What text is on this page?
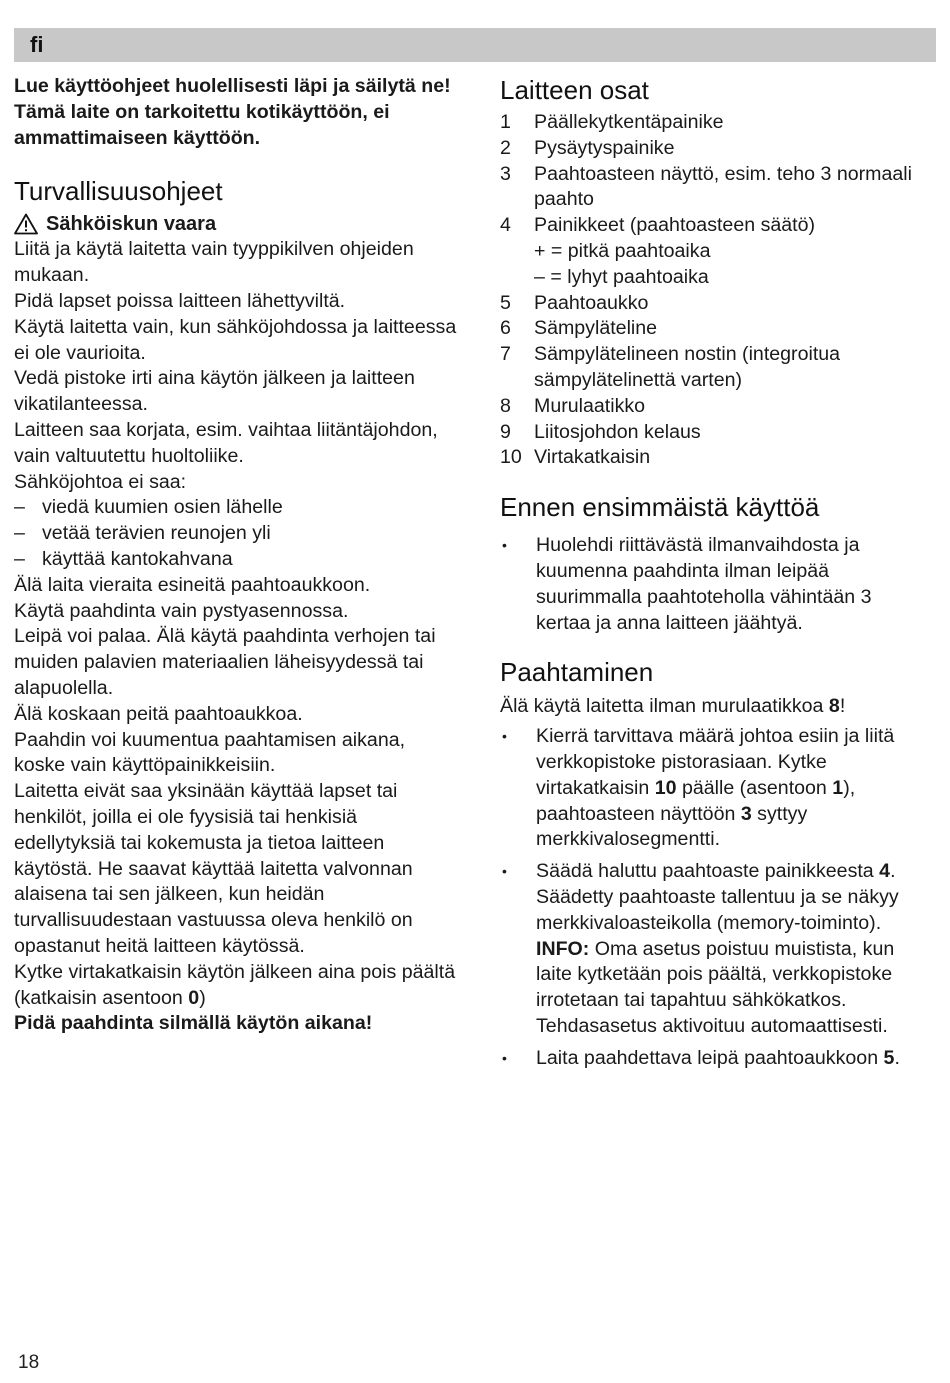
fi

Lue käyttöohjeet huolellisesti läpi ja säilytä ne!

Tämä laite on tarkoitettu kotikäyttöön, ei ammattimaiseen käyttöön.

Turvallisuusohjeet
Sähköiskun vaara

Liitä ja käytä laitetta vain tyyppikilven ohjeiden mukaan.

Pidä lapset poissa laitteen lähettyviltä.

Käytä laitetta vain, kun sähköjohdossa ja laitteessa ei ole vaurioita.

Vedä pistoke irti aina käytön jälkeen ja laitteen vikatilanteessa.

Laitteen saa korjata, esim. vaihtaa liitäntäjohdon, vain valtuutettu huoltoliike.

Sähköjohtoa ei saa:

– viedä kuumien osien lähelle
– vetää terävien reunojen yli
– käyttää kantokahvana

Älä laita vieraita esineitä paahtoaukkoon.

Käytä paahdinta vain pystyasennossa.

Leipä voi palaa. Älä käytä paahdinta verhojen tai muiden palavien materiaalien läheisyydessä tai alapuolella.

Älä koskaan peitä paahtoaukkoa.

Paahdin voi kuumentua paahtamisen aikana, koske vain käyttöpainikkeisiin.

Laitetta eivät saa yksinään käyttää lapset tai henkilöt, joilla ei ole fyysisiä tai henkisiä edellytyksiä tai kokemusta ja tietoa laitteen käytöstä. He saavat käyttää laitetta valvonnan alaisena tai sen jälkeen, kun heidän turvallisuudestaan vastuussa oleva henkilö on opastanut heitä laitteen käytössä.

Kytke virtakatkaisin käytön jälkeen aina pois päältä (katkaisin asentoon 0)

Pidä paahdinta silmällä käytön aikana!

Laitteen osat
1	Päällekytkentäpainike
2	Pysäytyspainike
3	Paahtoasteen näyttö, esim. teho 3 normaali paahto
4	Painikkeet (paahtoasteen säätö)
+ = pitkä paahtoaika
– = lyhyt paahtoaika
5	Paahtoaukko
6	Sämpyläteline
7	Sämpylätelineen nostin (integroitua sämpylätelinettä varten)
8	Murulaatikko
9	Liitosjohdon kelaus
10 Virtakatkaisin
Ennen ensimmäistä käyttöä
•	Huolehdi riittävästä ilmanvaihdosta ja kuumenna paahdinta ilman leipää suurimmalla paahtoteholla vähintään 3 kertaa ja anna laitteen jäähtyä.
Paahtaminen

Älä käytä laitetta ilman murulaatikkoa 8!

•	Kierrä tarvittava määrä johtoa esiin ja liitä verkkopistoke pistorasiaan. Kytke virtakatkaisin 10 päälle (asentoon 1), paahtoasteen näyttöön 3 syttyy merkkivalosegmentti.
•	Säädä haluttu paahtoaste painikkeesta 4. Säädetty paahtoaste tallentuu ja se näkyy merkkivaloasteikolla (memory-toiminto).
INFO: Oma asetus poistuu muistista, kun laite kytketään pois päältä, verkkopistoke irrotetaan tai tapahtuu sähkökatkos. Tehdasasetus aktivoituu automaattisesti.
•	Laita paahdettava leipä paahtoaukkoon 5.
18
